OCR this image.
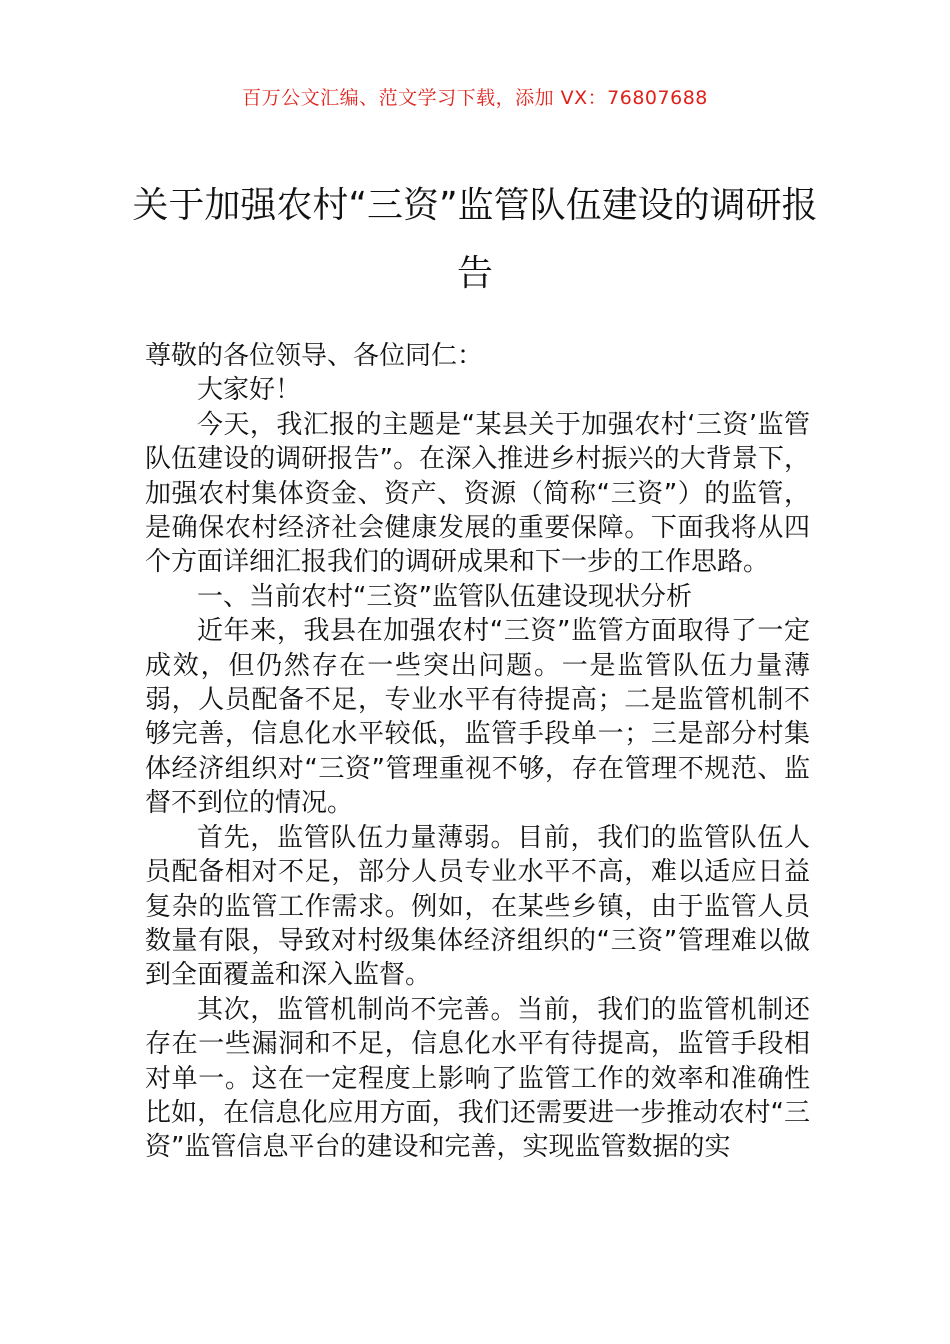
百万公文汇编、范文学习下载，添加 VX：76807688
关于加强农村“三资”监管队伍建设的调研报告

尊敬的各位领导、各位同仁：

大家好！

今天，我汇报的主题是“某县关于加强农村‘三资’监管队伍建设的调研报告”。在深入推进乡村振兴的大背景下，加强农村集体资金、资产、资源（简称“三资”）的监管，是确保农村经济社会健康发展的重要保障。下面我将从四个方面详细汇报我们的调研成果和下一步的工作思路。

一、当前农村“三资”监管队伍建设现状分析

近年来，我县在加强农村“三资”监管方面取得了一定成效，但仍然存在一些突出问题。一是监管队伍力量薄弱，人员配备不足，专业水平有待提高；二是监管机制不够完善，信息化水平较低，监管手段单一；三是部分村集体经济组织对“三资”管理重视不够，存在管理不规范、监督不到位的情况。

首先，监管队伍力量薄弱。目前，我们的监管队伍人员配备相对不足，部分人员专业水平不高，难以适应日益复杂的监管工作需求。例如，在某些乡镇，由于监管人员数量有限，导致对村级集体经济组织的“三资”管理难以做到全面覆盖和深入监督。

其次，监管机制尚不完善。当前，我们的监管机制还存在一些漏洞和不足，信息化水平有待提高，监管手段相对单一。这在一定程度上影响了监管工作的效率和准确性比如，在信息化应用方面，我们还需要进一步推动农村“三资”监管信息平台的建设和完善，实现监管数据的实
